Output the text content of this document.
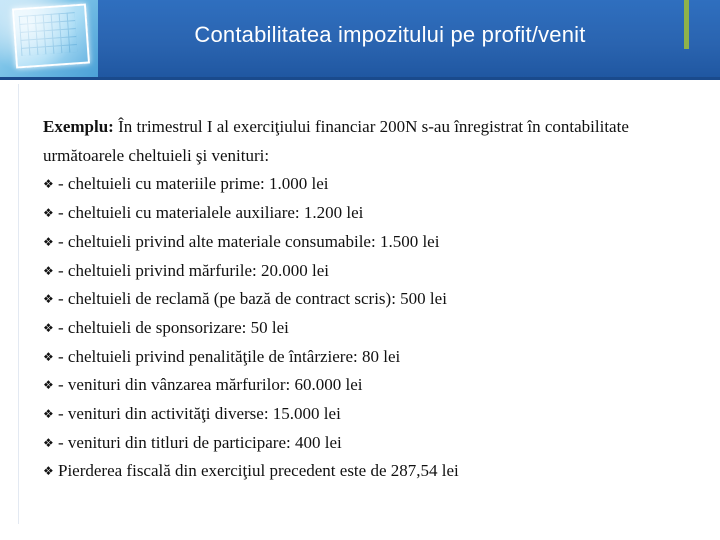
Contabilitatea impozitului pe profit/venit

Exemplu: În trimestrul I al exerciţiului financiar 200N s-au înregistrat în contabilitate următoarele cheltuieli şi venituri:

❖ - cheltuieli cu materiile prime: 1.000 lei

❖ - cheltuieli cu materialele auxiliare: 1.200 lei

❖ - cheltuieli privind alte materiale consumabile: 1.500 lei

❖ - cheltuieli privind mărfurile: 20.000 lei

❖ - cheltuieli de reclamă (pe bază de contract scris): 500 lei

❖ - cheltuieli de sponsorizare: 50 lei

❖ - cheltuieli privind penalităţile de întârziere: 80 lei

❖ - venituri din vânzarea mărfurilor: 60.000 lei

❖ - venituri din activităţi diverse: 15.000 lei

❖ - venituri din titluri de participare: 400 lei

❖ Pierderea fiscală din exerciţiul precedent este de 287,54 lei
